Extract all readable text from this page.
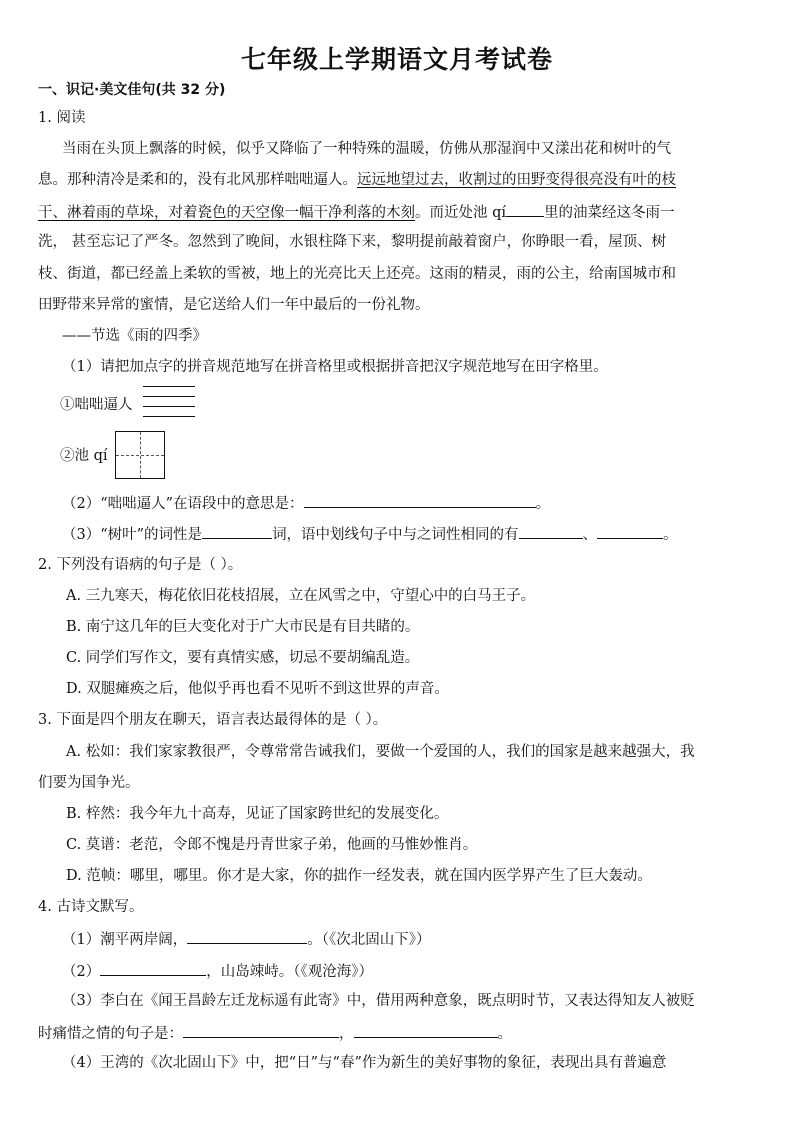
七年级上学期语文月考试卷
一、识记·美文佳句(共 32 分)
1. 阅读
当雨在头顶上飘落的时候，似乎又降临了一种特殊的温暖，仿佛从那湿润中又漾出花和树叶的气
息。那种清冷是柔和的，没有北风那样咄咄逼人。远远地望过去，收割过的田野变得很亮没有叶的枝
干、淋着雨的草垛，对着瓷色的天空像一幅干净利落的木刻。而近处池 qí	里的油菜经这冬雨一
洗， 甚至忘记了严冬。忽然到了晚间，水银柱降下来，黎明提前敲着窗户，你睁眼一看，屋顶、树
枝、街道，都已经盖上柔软的雪被，地上的光亮比天上还亮。这雨的精灵，雨的公主，给南国城市和
田野带来异常的蜜情，是它送给人们一年中最后的一份礼物。
——节选《雨的四季》
（1）请把加点字的拼音规范地写在拼音格里或根据拼音把汉字规范地写在田字格里。
①咄咄逼人
②池 qí
（2）“咄咄逼人”在语段中的意思是：	。
（3）“树叶”的词性是	词，语中划线句子中与之词性相同的有	、	。
2. 下列没有语病的句子是（ ）。
A. 三九寒天，梅花依旧花枝招展，立在风雪之中，守望心中的白马王子。
B. 南宁这几年的巨大变化对于广大市民是有目共睹的。
C. 同学们写作文，要有真情实感，切忌不要胡编乱造。
D. 双腿瘫痪之后，他似乎再也看不见听不到这世界的声音。
3. 下面是四个朋友在聊天，语言表达最得体的是（ ）。
A. 松如：我们家家教很严，令尊常常告诫我们，要做一个爱国的人，我们的国家是越来越强大，我
们要为国争光。
B. 梓然：我今年九十高寿，见证了国家跨世纪的发展变化。
C. 莫谱：老范，令郎不愧是丹青世家子弟，他画的马惟妙惟肖。
D. 范帧：哪里，哪里。你才是大家，你的拙作一经发表，就在国内医学界产生了巨大轰动。
4. 古诗文默写。
（1）潮平两岸阔，	。（《次北固山下》）
（2）	，山岛竦峙。（《观沧海》）
（3）李白在《闻王昌龄左迁龙标遥有此寄》中，借用两种意象，既点明时节，又表达得知友人被贬
时痛惜之情的句子是：	，	。
（4）王湾的《次北固山下》中，把“日”与“春”作为新生的美好事物的象征，表现出具有普遍意
